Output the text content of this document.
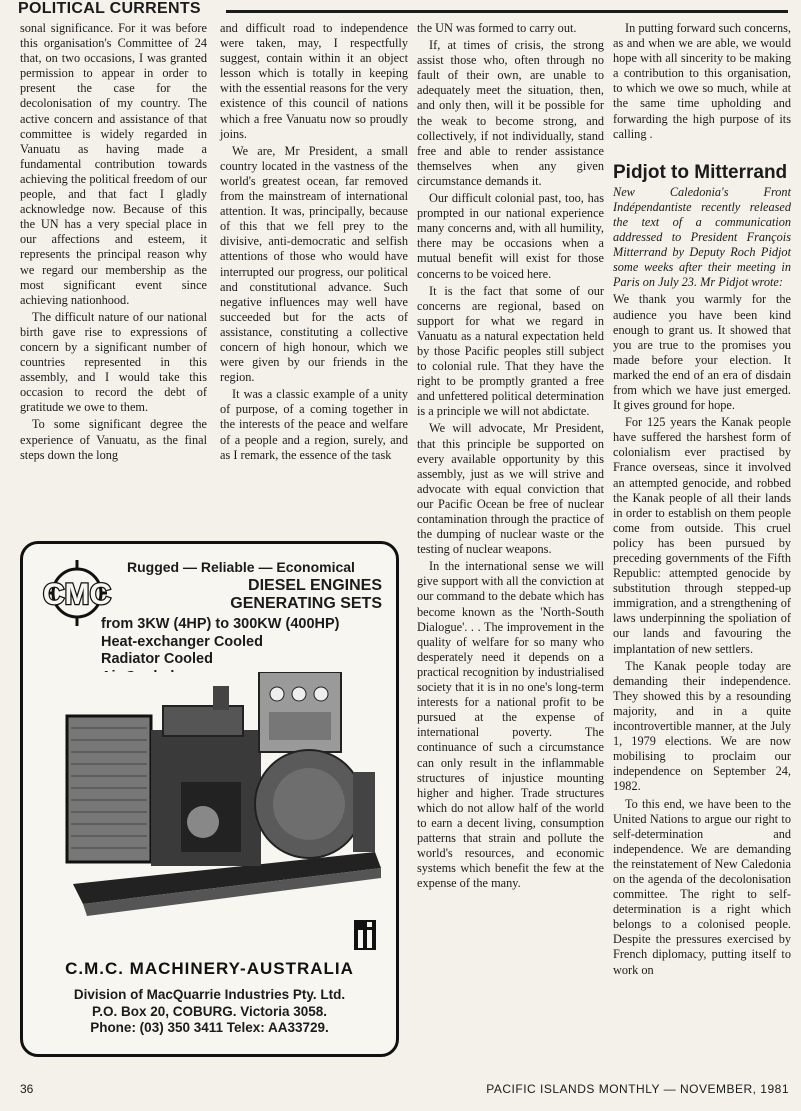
POLITICAL CURRENTS

sonal significance. For it was before this organisation's Committee of 24 that, on two occasions, I was granted permission to appear in order to present the case for the decolonisation of my country. The active concern and assistance of that committee is widely regarded in Vanuatu as having made a fundamental contribution towards achieving the political freedom of our people, and that fact I gladly acknowledge now. Because of this the UN has a very special place in our affections and esteem, it represents the principal reason why we regard our membership as the most significant event since achieving nationhood.

The difficult nature of our national birth gave rise to expressions of concern by a significant number of countries represented in this assembly, and I would take this occasion to record the debt of gratitude we owe to them.

To some significant degree the experience of Vanuatu, as the final steps down the long

and difficult road to independence were taken, may, I respectfully suggest, contain within it an object lesson which is totally in keeping with the essential reasons for the very existence of this council of nations which a free Vanuatu now so proudly joins.

We are, Mr President, a small country located in the vastness of the world's greatest ocean, far removed from the mainstream of international attention. It was, principally, because of this that we fell prey to the divisive, anti-democratic and selfish attentions of those who would have interrupted our progress, our political and constitutional advance. Such negative influences may well have succeeded but for the acts of assistance, constituting a collective concern of high honour, which we were given by our friends in the region.

It was a classic example of a unity of purpose, of a coming together in the interests of the peace and welfare of a people and a region, surely, and as I remark, the essence of the task

the UN was formed to carry out.

If, at times of crisis, the strong assist those who, often through no fault of their own, are unable to adequately meet the situation, then, and only then, will it be possible for the weak to become strong, and collectively, if not individually, stand free and able to render assistance themselves when any given circumstance demands it.

Our difficult colonial past, too, has prompted in our national experience many concerns and, with all humility, there may be occasions when a mutual benefit will exist for those concerns to be voiced here.

It is the fact that some of our concerns are regional, based on support for what we regard in Vanuatu as a natural expectation held by those Pacific peoples still subject to colonial rule. That they have the right to be promptly granted a free and unfettered political determination is a principle we will not abdictate.

We will advocate, Mr President, that this principle be supported on every available opportunity by this assembly, just as we will strive and advocate with equal conviction that our Pacific Ocean be free of nuclear contamination through the practice of the dumping of nuclear waste or the testing of nuclear weapons.

In the international sense we will give support with all the conviction at our command to the debate which has become known as the 'North-South Dialogue'. . . The improvement in the quality of welfare for so many who desperately need it depends on a practical recognition by industrialised society that it is in no one's long-term interests for a national profit to be pursued at the expense of international poverty. The continuance of such a circumstance can only result in the inflammable structures of injustice mounting higher and higher. Trade structures which do not allow half of the world to earn a decent living, consumption patterns that strain and pollute the world's resources, and economic systems which benefit the few at the expense of the many.

In putting forward such concerns, as and when we are able, we would hope with all sincerity to be making a contribution to this organisation, to which we owe so much, while at the same time upholding and forwarding the high purpose of its calling .

Pidjot to Mitterrand

New Caledonia's Front Indépendantiste recently released the text of a communication addressed to President François Mitterrand by Deputy Roch Pidjot some weeks after their meeting in Paris on July 23. Mr Pidjot wrote:

We thank you warmly for the audience you have been kind enough to grant us. It showed that you are true to the promises you made before your election. It marked the end of an era of disdain from which we have just emerged. It gives ground for hope.

For 125 years the Kanak people have suffered the harshest form of colonialism ever practised by France overseas, since it involved an attempted genocide, and robbed the Kanak people of all their lands in order to establish on them people come from outside. This cruel policy has been pursued by preceding governments of the Fifth Republic: attempted genocide by substitution through stepped-up immigration, and a strengthening of laws underpinning the spoliation of our lands and favouring the implantation of new settlers.

The Kanak people today are demanding their independence. They showed this by a resounding majority, and in a quite incontrovertible manner, at the July 1, 1979 elections. We are now mobilising to proclaim our independence on September 24, 1982.

To this end, we have been to the United Nations to argue our right to self-determination and independence. We are demanding the reinstatement of New Caledonia on the agenda of the decolonisation committee. The right to self-determination is a right which belongs to a colonised people. Despite the pressures exercised by French diplomacy, putting itself to work on

CMC
Rugged — Reliable — Economical
DIESEL ENGINES
GENERATING SETS
from 3KW (4HP) to 300KW (400HP)
Heat-exchanger Cooled
Radiator Cooled
C.M.C. MACHINERY-AUSTRALIA
Division of MacQuarrie Industries Pty. Ltd.
P.O. Box 20, COBURG. Victoria 3058.
Phone: (03) 350 3411 Telex: AA33729.
36	PACIFIC ISLANDS MONTHLY — NOVEMBER, 1981
